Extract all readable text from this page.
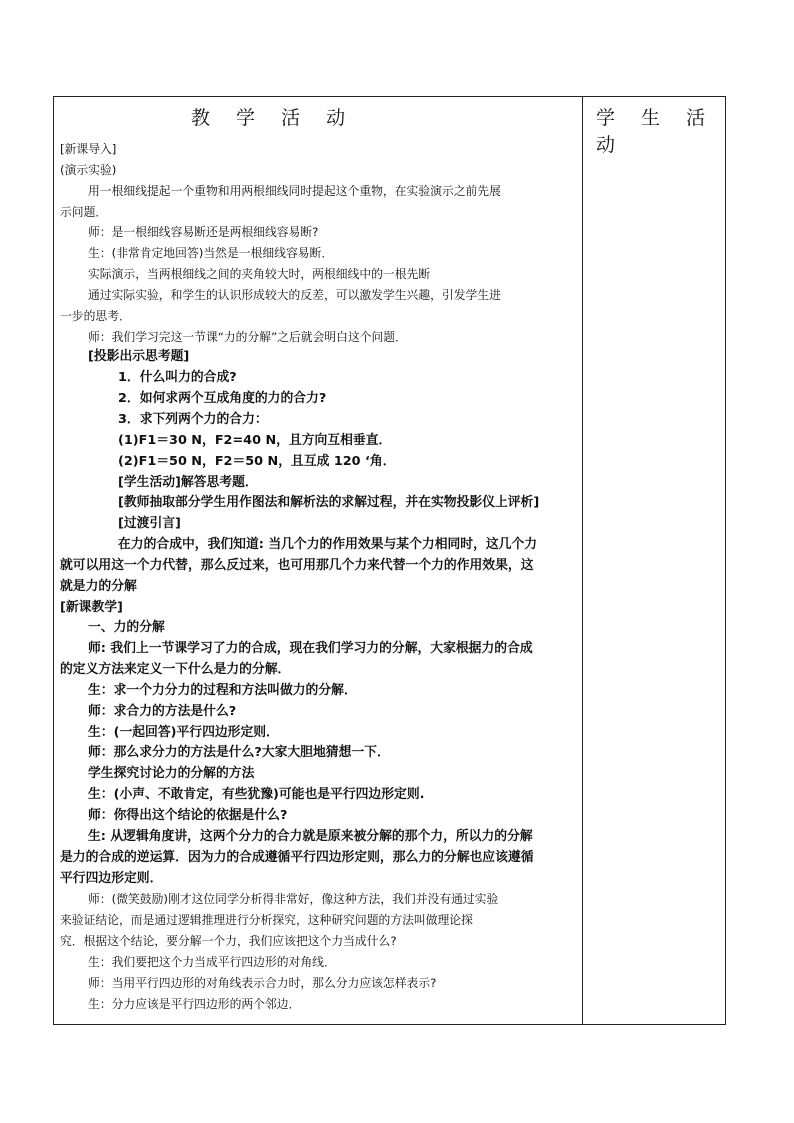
教 学 活 动	学 生 活 动
[新课导入]
(演示实验)
用一根细线提起一个重物和用两根细线同时提起这个重物，在实验演示之前先展
示问题．
师：是一根细线容易断还是两根细线容易断?
生：(非常肯定地回答)当然是一根细线容易断．
实际演示，当两根细线之间的夹角较大时，两根细线中的一根先断
通过实际实验，和学生的认识形成较大的反差，可以激发学生兴趣，引发学生进
一步的思考．
师：我们学习完这一节课“力的分解”之后就会明白这个问题．
[投影出示思考题]
1．什么叫力的合成?
2．如何求两个互成角度的力的合力?
3．求下列两个力的合力：
(1)F1＝30 N，F2=40 N，且方向互相垂直．
(2)F1＝50 N，F2＝50 N，且互成 120 ‘角．
[学生活动]解答思考题．
[教师抽取部分学生用作图法和解析法的求解过程，并在实物投影仪上评析]
[过渡引言]
在力的合成中，我们知道: 当几个力的作用效果与某个力相同时，这几个力
就可以用这一个力代替，那么反过来，也可用那几个力来代替一个力的作用效果，这
就是力的分解
[新课教学]
一、力的分解
师: 我们上一节课学习了力的合成，现在我们学习力的分解，大家根据力的合成
的定义方法来定义一下什么是力的分解．
生：求一个力分力的过程和方法叫做力的分解．
师：求合力的方法是什么?
生：(一起回答)平行四边形定则．
师：那么求分力的方法是什么?大家大胆地猜想一下．
学生探究讨论力的分解的方法
生：(小声、不敢肯定，有些犹豫)可能也是平行四边形定则.
师：你得出这个结论的依据是什么?
生: 从逻辑角度讲，这两个分力的合力就是原来被分解的那个力，所以力的分解
是力的合成的逆运算．因为力的合成遵循平行四边形定则，那么力的分解也应该遵循
平行四边形定则．
师：(微笑鼓励)刚才这位同学分析得非常好，像这种方法，我们并没有通过实验
来验证结论，而是通过逻辑推理进行分析探究，这种研究问题的方法叫做理论探
究．根据这个结论，要分解一个力，我们应该把这个力当成什么?
生：我们要把这个力当成平行四边形的对角线．
师：当用平行四边形的对角线表示合力时，那么分力应该怎样表示?
生：分力应该是平行四边形的两个邻边．
